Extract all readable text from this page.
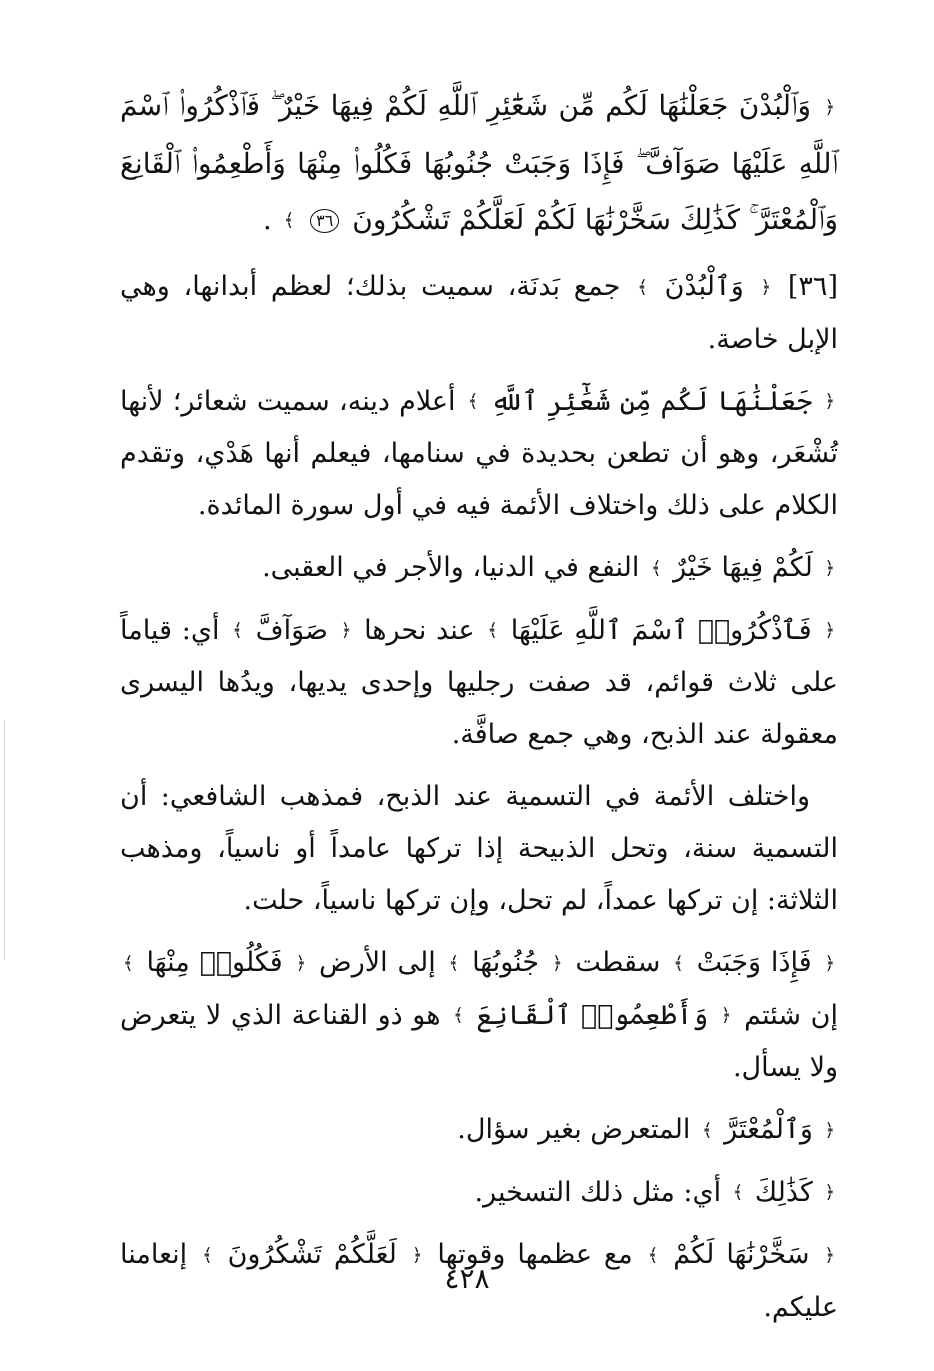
﴿ وَٱلْبُدْنَ جَعَلْنَٰهَا لَكُم مِّن شَعَٰٓئِرِ ٱللَّهِ لَكُمْ فِيهَا خَيْرٌ ۖ فَٱذْكُرُوا۟ ٱسْمَ ٱللَّهِ عَلَيْهَا صَوَآفَّ ۖ فَإِذَا وَجَبَتْ جُنُوبُهَا فَكُلُوا۟ مِنْهَا وَأَطْعِمُوا۟ ٱلْقَانِعَ وَٱلْمُعْتَرَّ ۚ كَذَٰلِكَ سَخَّرْنَٰهَا لَكُمْ لَعَلَّكُمْ تَشْكُرُونَ ٣٦ ﴾ .

[٣٦] ﴿ وَٱلْبُدْنَ ﴾ جمع بَدنَة، سميت بذلك؛ لعظم أبدانها، وهي الإبل خاصة.

﴿ جَعَلْنَٰهَا لَكُم مِّن شَعَٰٓئِرِ ٱللَّهِ ﴾ أعلام دينه، سميت شعائر؛ لأنها تُشْعَر، وهو أن تطعن بحديدة في سنامها، فيعلم أنها هَدْي، وتقدم الكلام على ذلك واختلاف الأئمة فيه في أول سورة المائدة.

﴿ لَكُمْ فِيهَا خَيْرٌ ﴾ النفع في الدنيا، والأجر في العقبى.

﴿ فَٱذْكُرُوا۟ ٱسْمَ ٱللَّهِ عَلَيْهَا ﴾ عند نحرها ﴿ صَوَآفَّ ﴾ أي: قياماً على ثلاث قوائم، قد صفت رجليها وإحدى يديها، ويدُها اليسرى معقولة عند الذبح، وهي جمع صافَّة.

واختلف الأئمة في التسمية عند الذبح، فمذهب الشافعي: أن التسمية سنة، وتحل الذبيحة إذا تركها عامداً أو ناسياً، ومذهب الثلاثة: إن تركها عمداً، لم تحل، وإن تركها ناسياً، حلت.

﴿ فَإِذَا وَجَبَتْ ﴾ سقطت ﴿ جُنُوبُهَا ﴾ إلى الأرض ﴿ فَكُلُوا۟ مِنْهَا ﴾ إن شئتم ﴿ وَأَطْعِمُوا۟ ٱلْقَانِعَ ﴾ هو ذو القناعة الذي لا يتعرض ولا يسأل.

﴿ وَٱلْمُعْتَرَّ ﴾ المتعرض بغير سؤال.

﴿ كَذَٰلِكَ ﴾ أي: مثل ذلك التسخير.

﴿ سَخَّرْنَٰهَا لَكُمْ ﴾ مع عظمها وقوتها ﴿ لَعَلَّكُمْ تَشْكُرُونَ ﴾ إنعامنا عليكم.

٤٢٨
